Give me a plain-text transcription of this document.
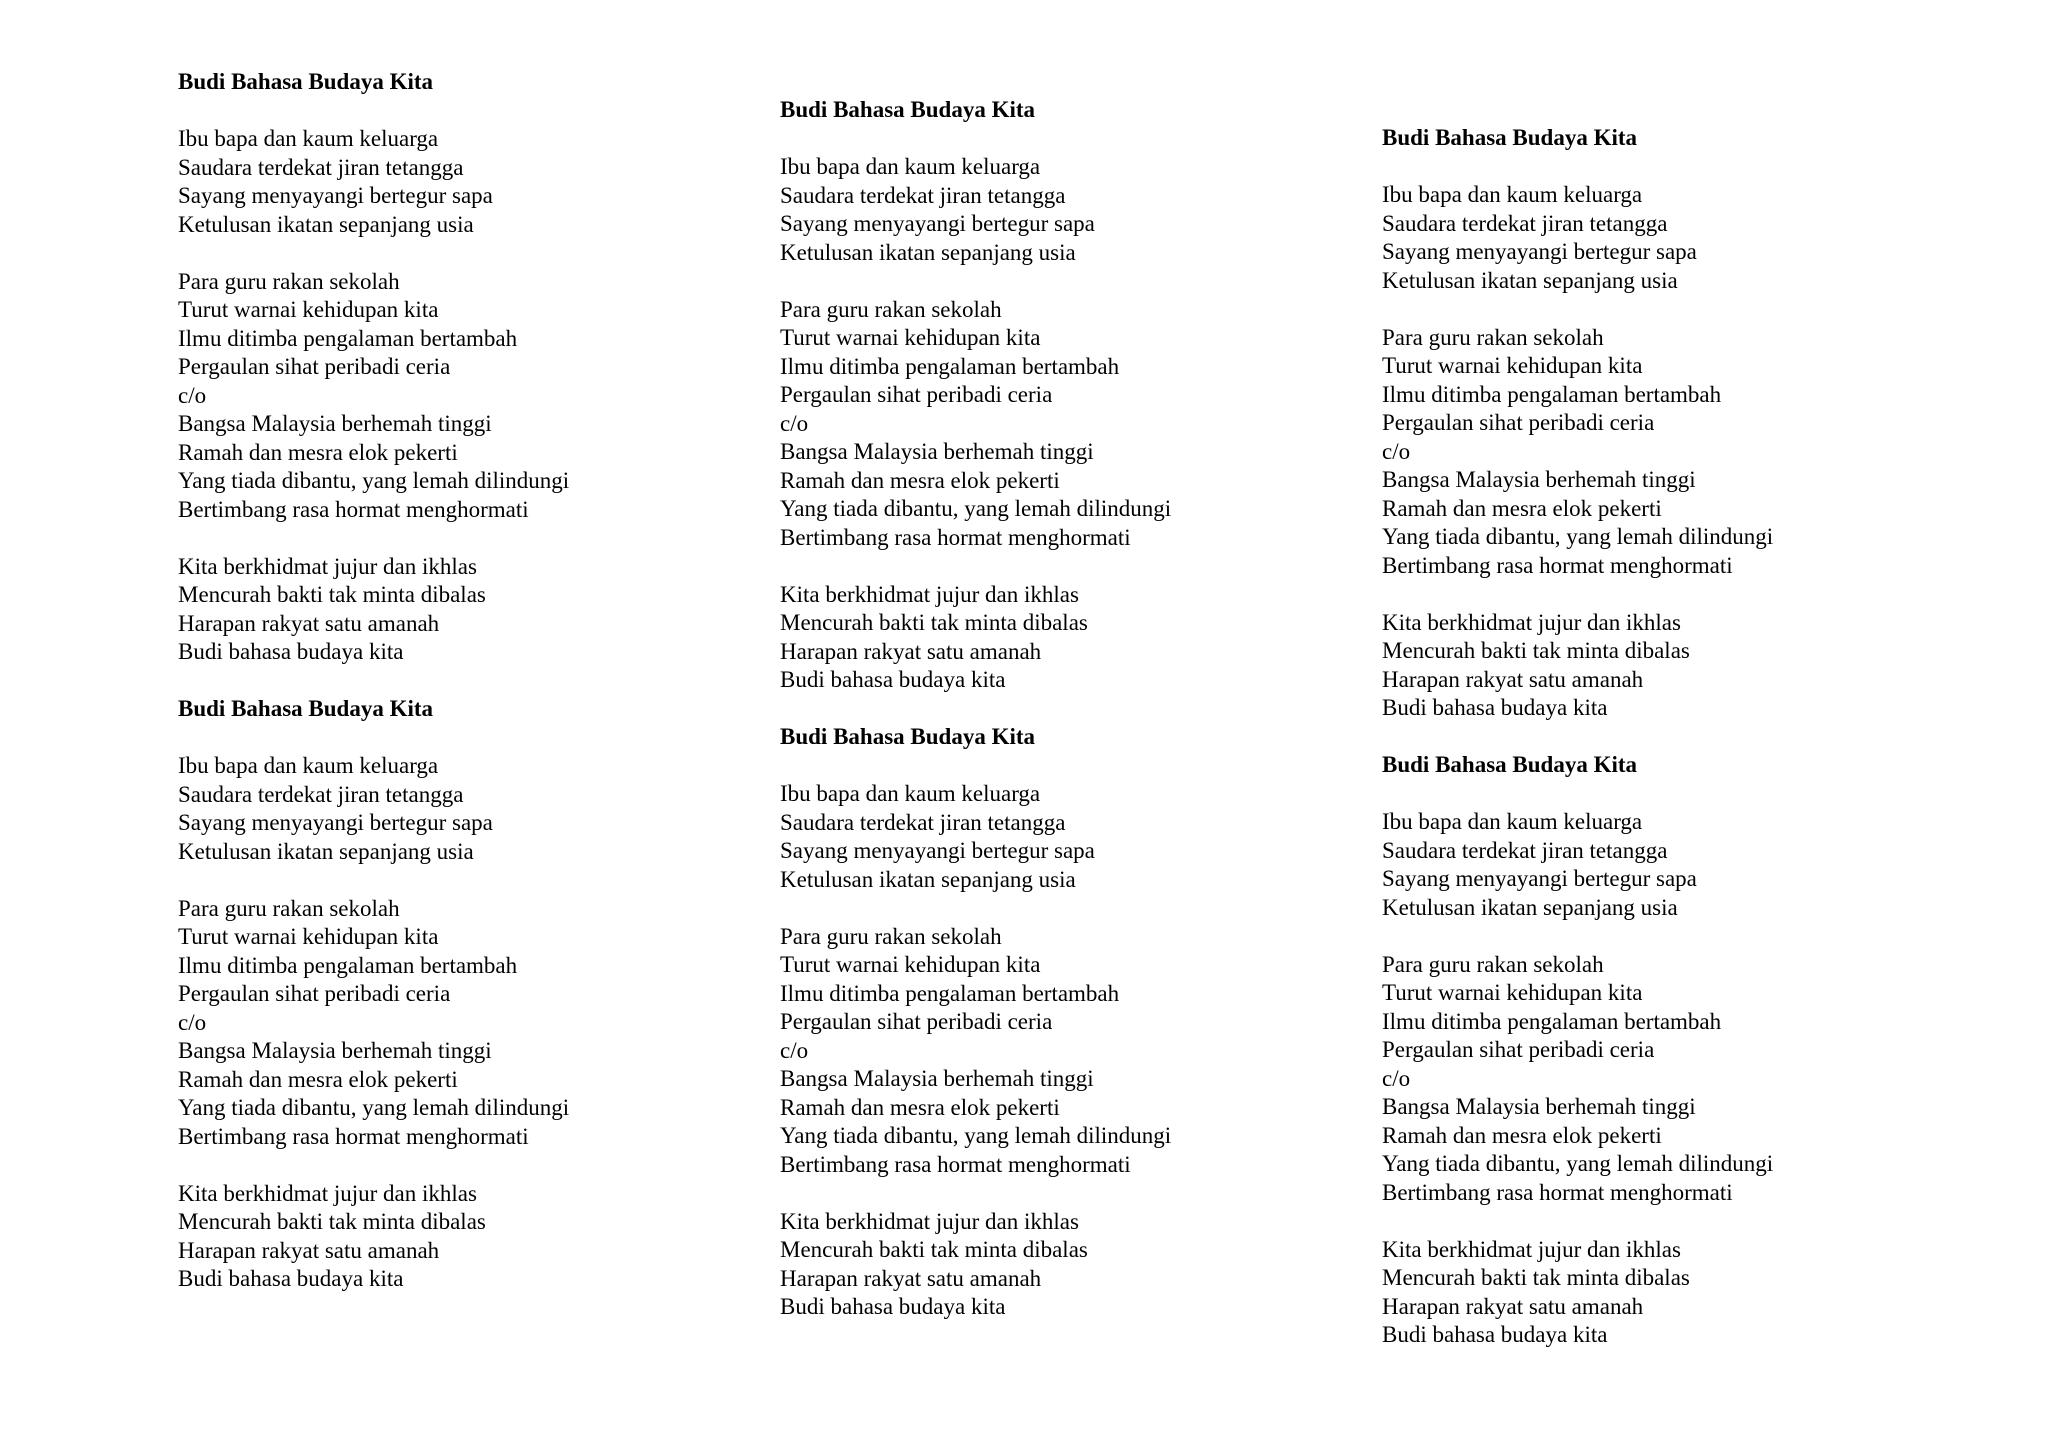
Budi Bahasa Budaya Kita
Ibu bapa dan kaum keluarga
Saudara terdekat jiran tetangga
Sayang menyayangi bertegur sapa
Ketulusan ikatan sepanjang usia
Para guru rakan sekolah
Turut warnai kehidupan kita
Ilmu ditimba pengalaman bertambah
Pergaulan sihat peribadi ceria
c/o
Bangsa Malaysia berhemah tinggi
Ramah dan mesra elok pekerti
Yang tiada dibantu, yang lemah dilindungi
Bertimbang rasa hormat menghormati
Kita berkhidmat jujur dan ikhlas
Mencurah bakti tak minta dibalas
Harapan rakyat satu amanah
Budi bahasa budaya kita
Budi Bahasa Budaya Kita
Ibu bapa dan kaum keluarga
Saudara terdekat jiran tetangga
Sayang menyayangi bertegur sapa
Ketulusan ikatan sepanjang usia
Para guru rakan sekolah
Turut warnai kehidupan kita
Ilmu ditimba pengalaman bertambah
Pergaulan sihat peribadi ceria
c/o
Bangsa Malaysia berhemah tinggi
Ramah dan mesra elok pekerti
Yang tiada dibantu, yang lemah dilindungi
Bertimbang rasa hormat menghormati
Kita berkhidmat jujur dan ikhlas
Mencurah bakti tak minta dibalas
Harapan rakyat satu amanah
Budi bahasa budaya kita
Budi Bahasa Budaya Kita
Ibu bapa dan kaum keluarga
Saudara terdekat jiran tetangga
Sayang menyayangi bertegur sapa
Ketulusan ikatan sepanjang usia
Para guru rakan sekolah
Turut warnai kehidupan kita
Ilmu ditimba pengalaman bertambah
Pergaulan sihat peribadi ceria
c/o
Bangsa Malaysia berhemah tinggi
Ramah dan mesra elok pekerti
Yang tiada dibantu, yang lemah dilindungi
Bertimbang rasa hormat menghormati
Kita berkhidmat jujur dan ikhlas
Mencurah bakti tak minta dibalas
Harapan rakyat satu amanah
Budi bahasa budaya kita
Budi Bahasa Budaya Kita
Ibu bapa dan kaum keluarga
Saudara terdekat jiran tetangga
Sayang menyayangi bertegur sapa
Ketulusan ikatan sepanjang usia
Para guru rakan sekolah
Turut warnai kehidupan kita
Ilmu ditimba pengalaman bertambah
Pergaulan sihat peribadi ceria
c/o
Bangsa Malaysia berhemah tinggi
Ramah dan mesra elok pekerti
Yang tiada dibantu, yang lemah dilindungi
Bertimbang rasa hormat menghormati
Kita berkhidmat jujur dan ikhlas
Mencurah bakti tak minta dibalas
Harapan rakyat satu amanah
Budi bahasa budaya kita
Budi Bahasa Budaya Kita
Ibu bapa dan kaum keluarga
Saudara terdekat jiran tetangga
Sayang menyayangi bertegur sapa
Ketulusan ikatan sepanjang usia
Para guru rakan sekolah
Turut warnai kehidupan kita
Ilmu ditimba pengalaman bertambah
Pergaulan sihat peribadi ceria
c/o
Bangsa Malaysia berhemah tinggi
Ramah dan mesra elok pekerti
Yang tiada dibantu, yang lemah dilindungi
Bertimbang rasa hormat menghormati
Kita berkhidmat jujur dan ikhlas
Mencurah bakti tak minta dibalas
Harapan rakyat satu amanah
Budi bahasa budaya kita
Budi Bahasa Budaya Kita
Ibu bapa dan kaum keluarga
Saudara terdekat jiran tetangga
Sayang menyayangi bertegur sapa
Ketulusan ikatan sepanjang usia
Para guru rakan sekolah
Turut warnai kehidupan kita
Ilmu ditimba pengalaman bertambah
Pergaulan sihat peribadi ceria
c/o
Bangsa Malaysia berhemah tinggi
Ramah dan mesra elok pekerti
Yang tiada dibantu, yang lemah dilindungi
Bertimbang rasa hormat menghormati
Kita berkhidmat jujur dan ikhlas
Mencurah bakti tak minta dibalas
Harapan rakyat satu amanah
Budi bahasa budaya kita
